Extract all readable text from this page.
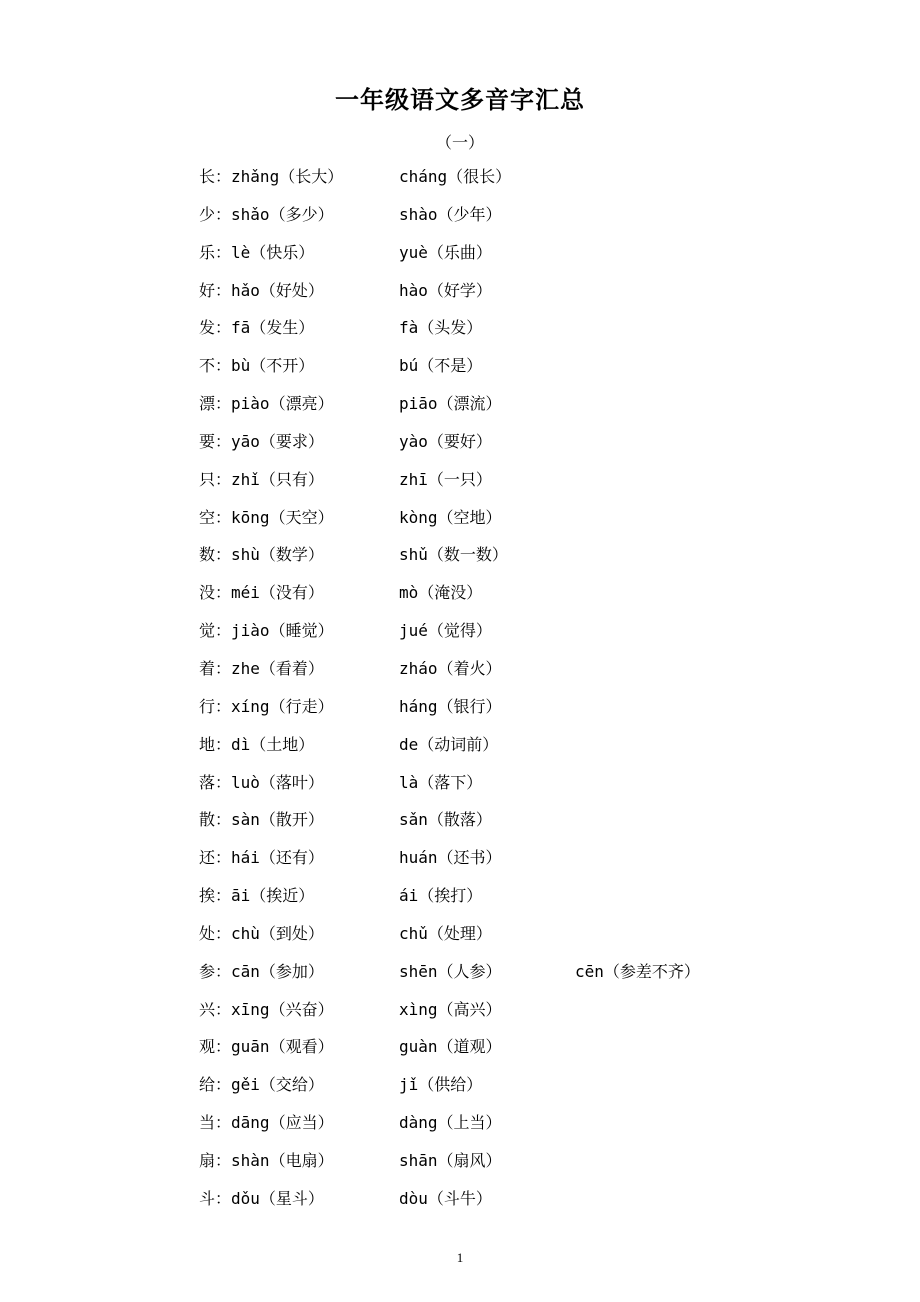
一年级语文多音字汇总
（一）
长：zhǎng（长大）	cháng（很长）
少：shǎo（多少）	shào（少年）
乐：lè（快乐）	yuè（乐曲）
好：hǎo（好处）	hào（好学）
发：fā（发生）	fà（头发）
不：bù（不开）	bú（不是）
漂：piào（漂亮）	piāo（漂流）
要：yāo（要求）	yào（要好）
只：zhǐ（只有）	zhī（一只）
空：kōng（天空）	kòng（空地）
数：shù（数学）	shǔ（数一数）
没：méi（没有）	mò（淹没）
觉：jiào（睡觉）	jué（觉得）
着：zhe（看着）	zháo（着火）
行：xíng（行走）	háng（银行）
地：dì（土地）	de（动词前）
落：luò（落叶）	là（落下）
散：sàn（散开）	sǎn（散落）
还：hái（还有）	huán（还书）
挨：āi（挨近）	ái（挨打）
处：chù（到处）	chǔ（处理）
参：cān（参加）	shēn（人参）	cēn（参差不齐）
兴：xīng（兴奋）	xìng（高兴）
观：guān（观看）	guàn（道观）
给：gěi（交给）	jǐ（供给）
当：dāng（应当）	dàng（上当）
扇：shàn（电扇）	shān（扇风）
斗：dǒu（星斗）	dòu（斗牛）
1
